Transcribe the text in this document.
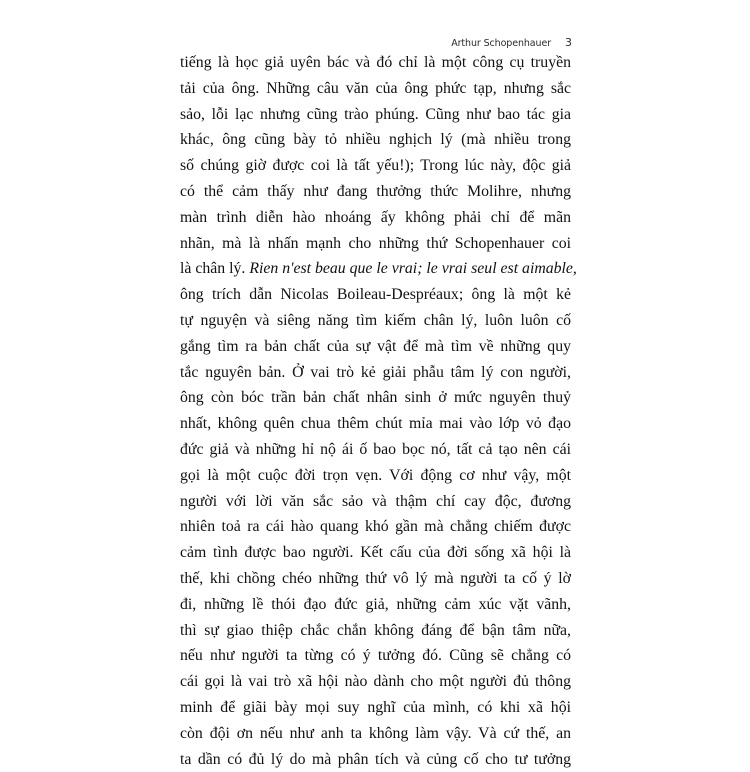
Arthur Schopenhauer 3
tiếng là học giả uyên bác và đó chỉ là một công cụ truyền
tải của ông. Những câu văn của ông phức tạp, nhưng sắc
sảo, lỗi lạc nhưng cũng trào phúng. Cũng như bao tác gia
khác, ông cũng bày tỏ nhiều nghịch lý (mà nhiều trong
số chúng giờ được coi là tất yếu!); Trong lúc này, độc giả
có thể cảm thấy như đang thưởng thức Molihre, nhưng
màn trình diễn hào nhoáng ấy không phải chỉ để mãn
nhãn, mà là nhấn mạnh cho những thứ Schopenhauer coi
là chân lý. Rien n'est beau que le vrai; le vrai seul est aimable,
ông trích dẫn Nicolas Boileau-Despréaux; ông là một kẻ
tự nguyện và siêng năng tìm kiếm chân lý, luôn luôn cố
gắng tìm ra bản chất của sự vật để mà tìm về những quy
tắc nguyên bản. Ở vai trò kẻ giải phẫu tâm lý con người,
ông còn bóc trần bản chất nhân sinh ở mức nguyên thuỷ
nhất, không quên chua thêm chút mỉa mai vào lớp vỏ đạo
đức giả và những hỉ nộ ái ố bao bọc nó, tất cả tạo nên cái
gọi là một cuộc đời trọn vẹn. Với động cơ như vậy, một
người với lời văn sắc sảo và thậm chí cay độc, đương
nhiên toả ra cái hào quang khó gần mà chẳng chiếm được
cảm tình được bao người. Kết cấu của đời sống xã hội là
thế, khi chồng chéo những thứ vô lý mà người ta cố ý lờ
đi, những lề thói đạo đức giả, những cảm xúc vặt vãnh,
thì sự giao thiệp chắc chắn không đáng để bận tâm nữa,
nếu như người ta từng có ý tưởng đó. Cũng sẽ chẳng có
cái gọi là vai trò xã hội nào dành cho một người đủ thông
minh để giãi bày mọi suy nghĩ của mình, có khi xã hội
còn đội ơn nếu như anh ta không làm vậy. Và cứ thế, an
ta dần có đủ lý do mà phân tích và củng cố cho tư tưởng
